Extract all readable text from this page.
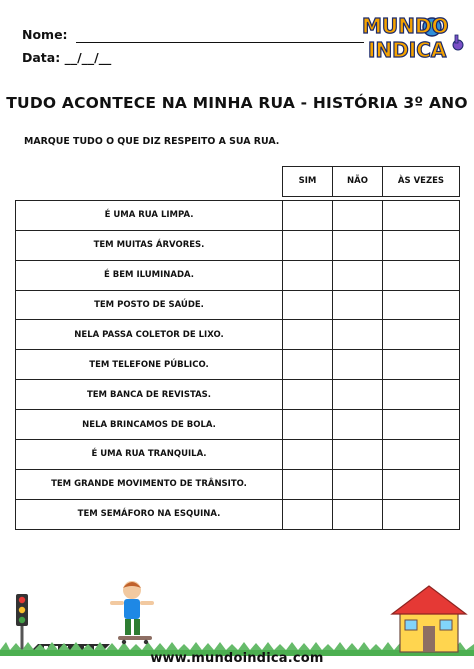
Nome:
Data: __/__/__
MUNDO
INDICA
TUDO ACONTECE NA MINHA RUA - HISTÓRIA 3º ANO
MARQUE TUDO O QUE DIZ RESPEITO A SUA RUA.
	SIM	NÃO	ÀS VEZES

É UMA RUA LIMPA.			
TEM MUITAS ÁRVORES.			
É BEM ILUMINADA.			
TEM POSTO DE SAÚDE.			
NELA PASSA COLETOR DE LIXO.			
TEM TELEFONE PÚBLICO.			
TEM BANCA DE REVISTAS.			
NELA BRINCAMOS DE BOLA.			
É UMA RUA TRANQUILA.			
TEM GRANDE MOVIMENTO DE TRÂNSITO.			
TEM SEMÁFORO NA ESQUINA.			
www.mundoindica.com
